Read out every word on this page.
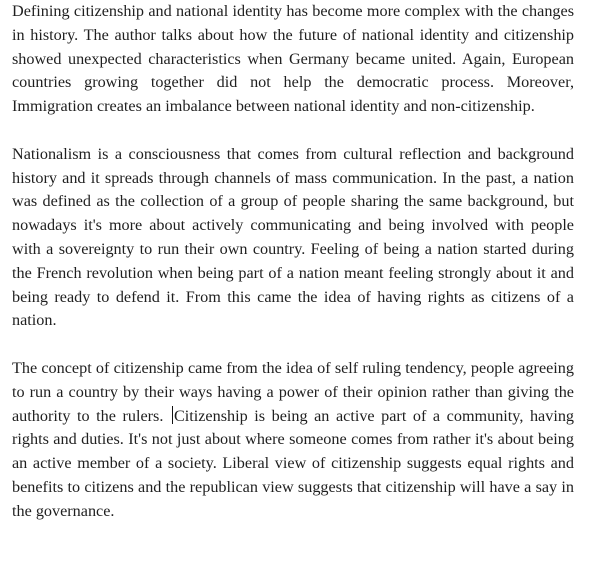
Defining citizenship and national identity has become more complex with the changes in history. The author talks about how the future of national identity and citizenship showed unexpected characteristics when Germany became united. Again, European countries growing together did not help the democratic process. Moreover, Immigration creates an imbalance between national identity and non-citizenship.

Nationalism is a consciousness that comes from cultural reflection and background history and it spreads through channels of mass communication. In the past, a nation was defined as the collection of a group of people sharing the same background, but nowadays it's more about actively communicating and being involved with people with a sovereignty to run their own country. Feeling of being a nation started during the French revolution when being part of a nation meant feeling strongly about it and being ready to defend it. From this came the idea of having rights as citizens of a nation.

The concept of citizenship came from the idea of self ruling tendency, people agreeing to run a country by their ways having a power of their opinion rather than giving the authority to the rulers. Citizenship is being an active part of a community, having rights and duties. It's not just about where someone comes from rather it's about being an active member of a society. Liberal view of citizenship suggests equal rights and benefits to citizens and the republican view suggests that citizenship will have a say in the governance.
